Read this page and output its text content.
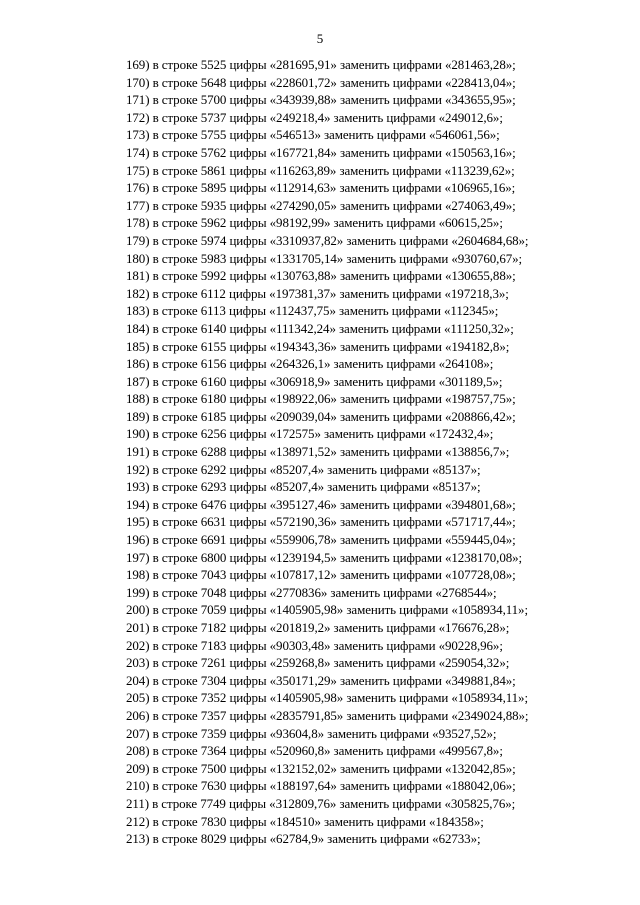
5
169) в строке 5525 цифры «281695,91» заменить цифрами «281463,28»;
170) в строке 5648 цифры «228601,72» заменить цифрами «228413,04»;
171) в строке 5700 цифры «343939,88» заменить цифрами «343655,95»;
172) в строке 5737 цифры «249218,4» заменить цифрами «249012,6»;
173) в строке 5755 цифры «546513» заменить цифрами «546061,56»;
174) в строке 5762 цифры «167721,84» заменить цифрами «150563,16»;
175) в строке 5861 цифры «116263,89» заменить цифрами «113239,62»;
176) в строке 5895 цифры «112914,63» заменить цифрами «106965,16»;
177) в строке 5935 цифры «274290,05» заменить цифрами «274063,49»;
178) в строке 5962 цифры «98192,99» заменить цифрами «60615,25»;
179) в строке 5974 цифры «3310937,82» заменить цифрами «2604684,68»;
180) в строке 5983 цифры «1331705,14» заменить цифрами «930760,67»;
181) в строке 5992 цифры «130763,88» заменить цифрами «130655,88»;
182) в строке 6112 цифры «197381,37» заменить цифрами «197218,3»;
183) в строке 6113 цифры «112437,75» заменить цифрами «112345»;
184) в строке 6140 цифры «111342,24» заменить цифрами «111250,32»;
185) в строке 6155 цифры «194343,36» заменить цифрами «194182,8»;
186) в строке 6156 цифры «264326,1» заменить цифрами «264108»;
187) в строке 6160 цифры «306918,9» заменить цифрами «301189,5»;
188) в строке 6180 цифры «198922,06» заменить цифрами «198757,75»;
189) в строке 6185 цифры «209039,04» заменить цифрами «208866,42»;
190) в строке 6256 цифры «172575» заменить цифрами «172432,4»;
191) в строке 6288 цифры «138971,52» заменить цифрами «138856,7»;
192) в строке 6292 цифры «85207,4» заменить цифрами «85137»;
193) в строке 6293 цифры «85207,4» заменить цифрами «85137»;
194) в строке 6476 цифры «395127,46» заменить цифрами «394801,68»;
195) в строке 6631 цифры «572190,36» заменить цифрами «571717,44»;
196) в строке 6691 цифры «559906,78» заменить цифрами «559445,04»;
197) в строке 6800 цифры «1239194,5» заменить цифрами «1238170,08»;
198) в строке 7043 цифры «107817,12» заменить цифрами «107728,08»;
199) в строке 7048 цифры «2770836» заменить цифрами «2768544»;
200) в строке 7059 цифры «1405905,98» заменить цифрами «1058934,11»;
201) в строке 7182 цифры «201819,2» заменить цифрами «176676,28»;
202) в строке 7183 цифры «90303,48» заменить цифрами «90228,96»;
203) в строке 7261 цифры «259268,8» заменить цифрами «259054,32»;
204) в строке 7304 цифры «350171,29» заменить цифрами «349881,84»;
205) в строке 7352 цифры «1405905,98» заменить цифрами «1058934,11»;
206) в строке 7357 цифры «2835791,85» заменить цифрами «2349024,88»;
207) в строке 7359 цифры «93604,8» заменить цифрами «93527,52»;
208) в строке 7364 цифры «520960,8» заменить цифрами «499567,8»;
209) в строке 7500 цифры «132152,02» заменить цифрами «132042,85»;
210) в строке 7630 цифры «188197,64» заменить цифрами «188042,06»;
211) в строке 7749 цифры «312809,76» заменить цифрами «305825,76»;
212) в строке 7830 цифры «184510» заменить цифрами «184358»;
213) в строке 8029 цифры «62784,9» заменить цифрами «62733»;
